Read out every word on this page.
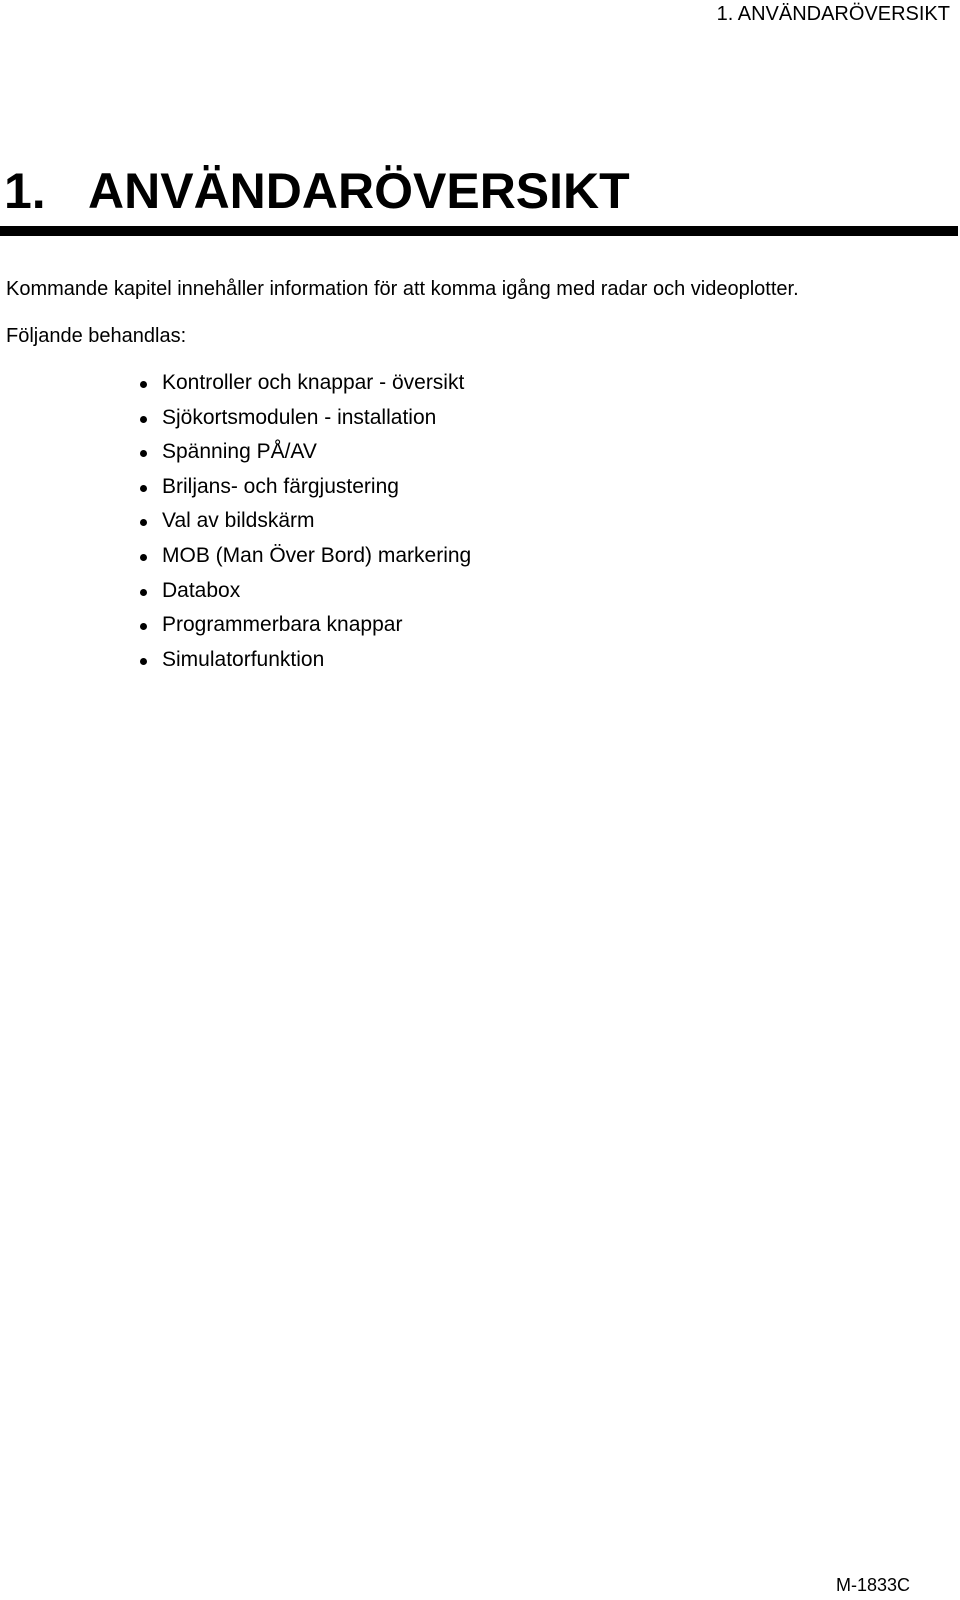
1. ANVÄNDARÖVERSIKT
1. ANVÄNDARÖVERSIKT

Kommande kapitel innehåller information för att komma igång med radar och videoplotter.

Följande behandlas:

Kontroller och knappar - översikt
Sjökortsmodulen - installation
Spänning PÅ/AV
Briljans- och färgjustering
Val av bildskärm
MOB (Man Över Bord) markering
Databox
Programmerbara knappar
Simulatorfunktion
M-1833C
